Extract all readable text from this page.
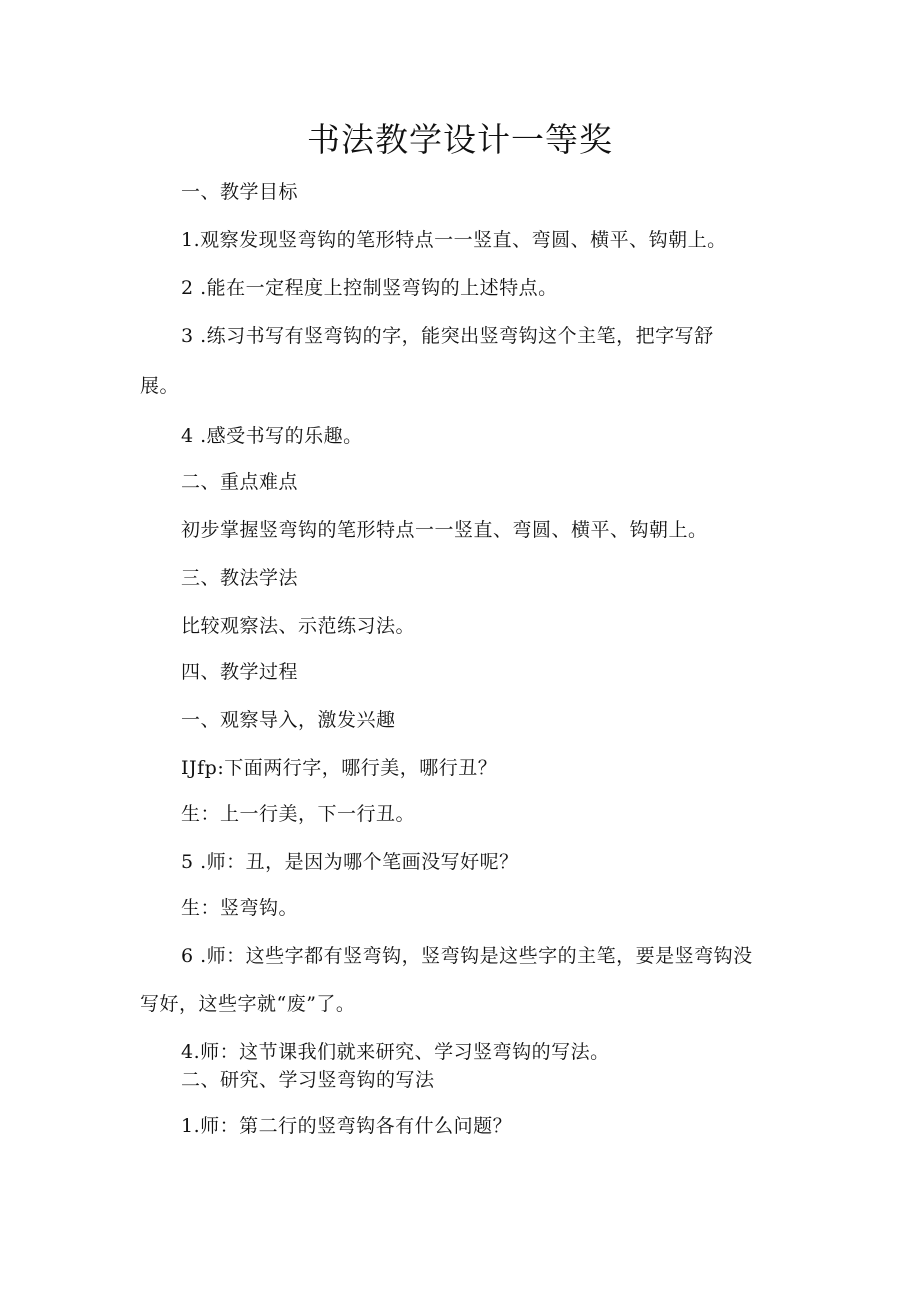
书法教学设计一等奖
一、教学目标
1.观察发现竖弯钩的笔形特点一一竖直、弯圆、横平、钩朝上。
2 .能在一定程度上控制竖弯钩的上述特点。
3 .练习书写有竖弯钩的字，能突出竖弯钩这个主笔，把字写舒
展。
4 .感受书写的乐趣。
二、重点难点
初步掌握竖弯钩的笔形特点一一竖直、弯圆、横平、钩朝上。
三、教法学法
比较观察法、示范练习法。
四、教学过程
一、观察导入，激发兴趣
IJfp:下面两行字，哪行美，哪行丑？
生：上一行美，下一行丑。
5 .师：丑，是因为哪个笔画没写好呢？
生：竖弯钩。
6 .师：这些字都有竖弯钩，竖弯钩是这些字的主笔，要是竖弯钩没
写好，这些字就“废”了。
4.师：这节课我们就来研究、学习竖弯钩的写法。
二、研究、学习竖弯钩的写法
1.师：第二行的竖弯钩各有什么问题？
